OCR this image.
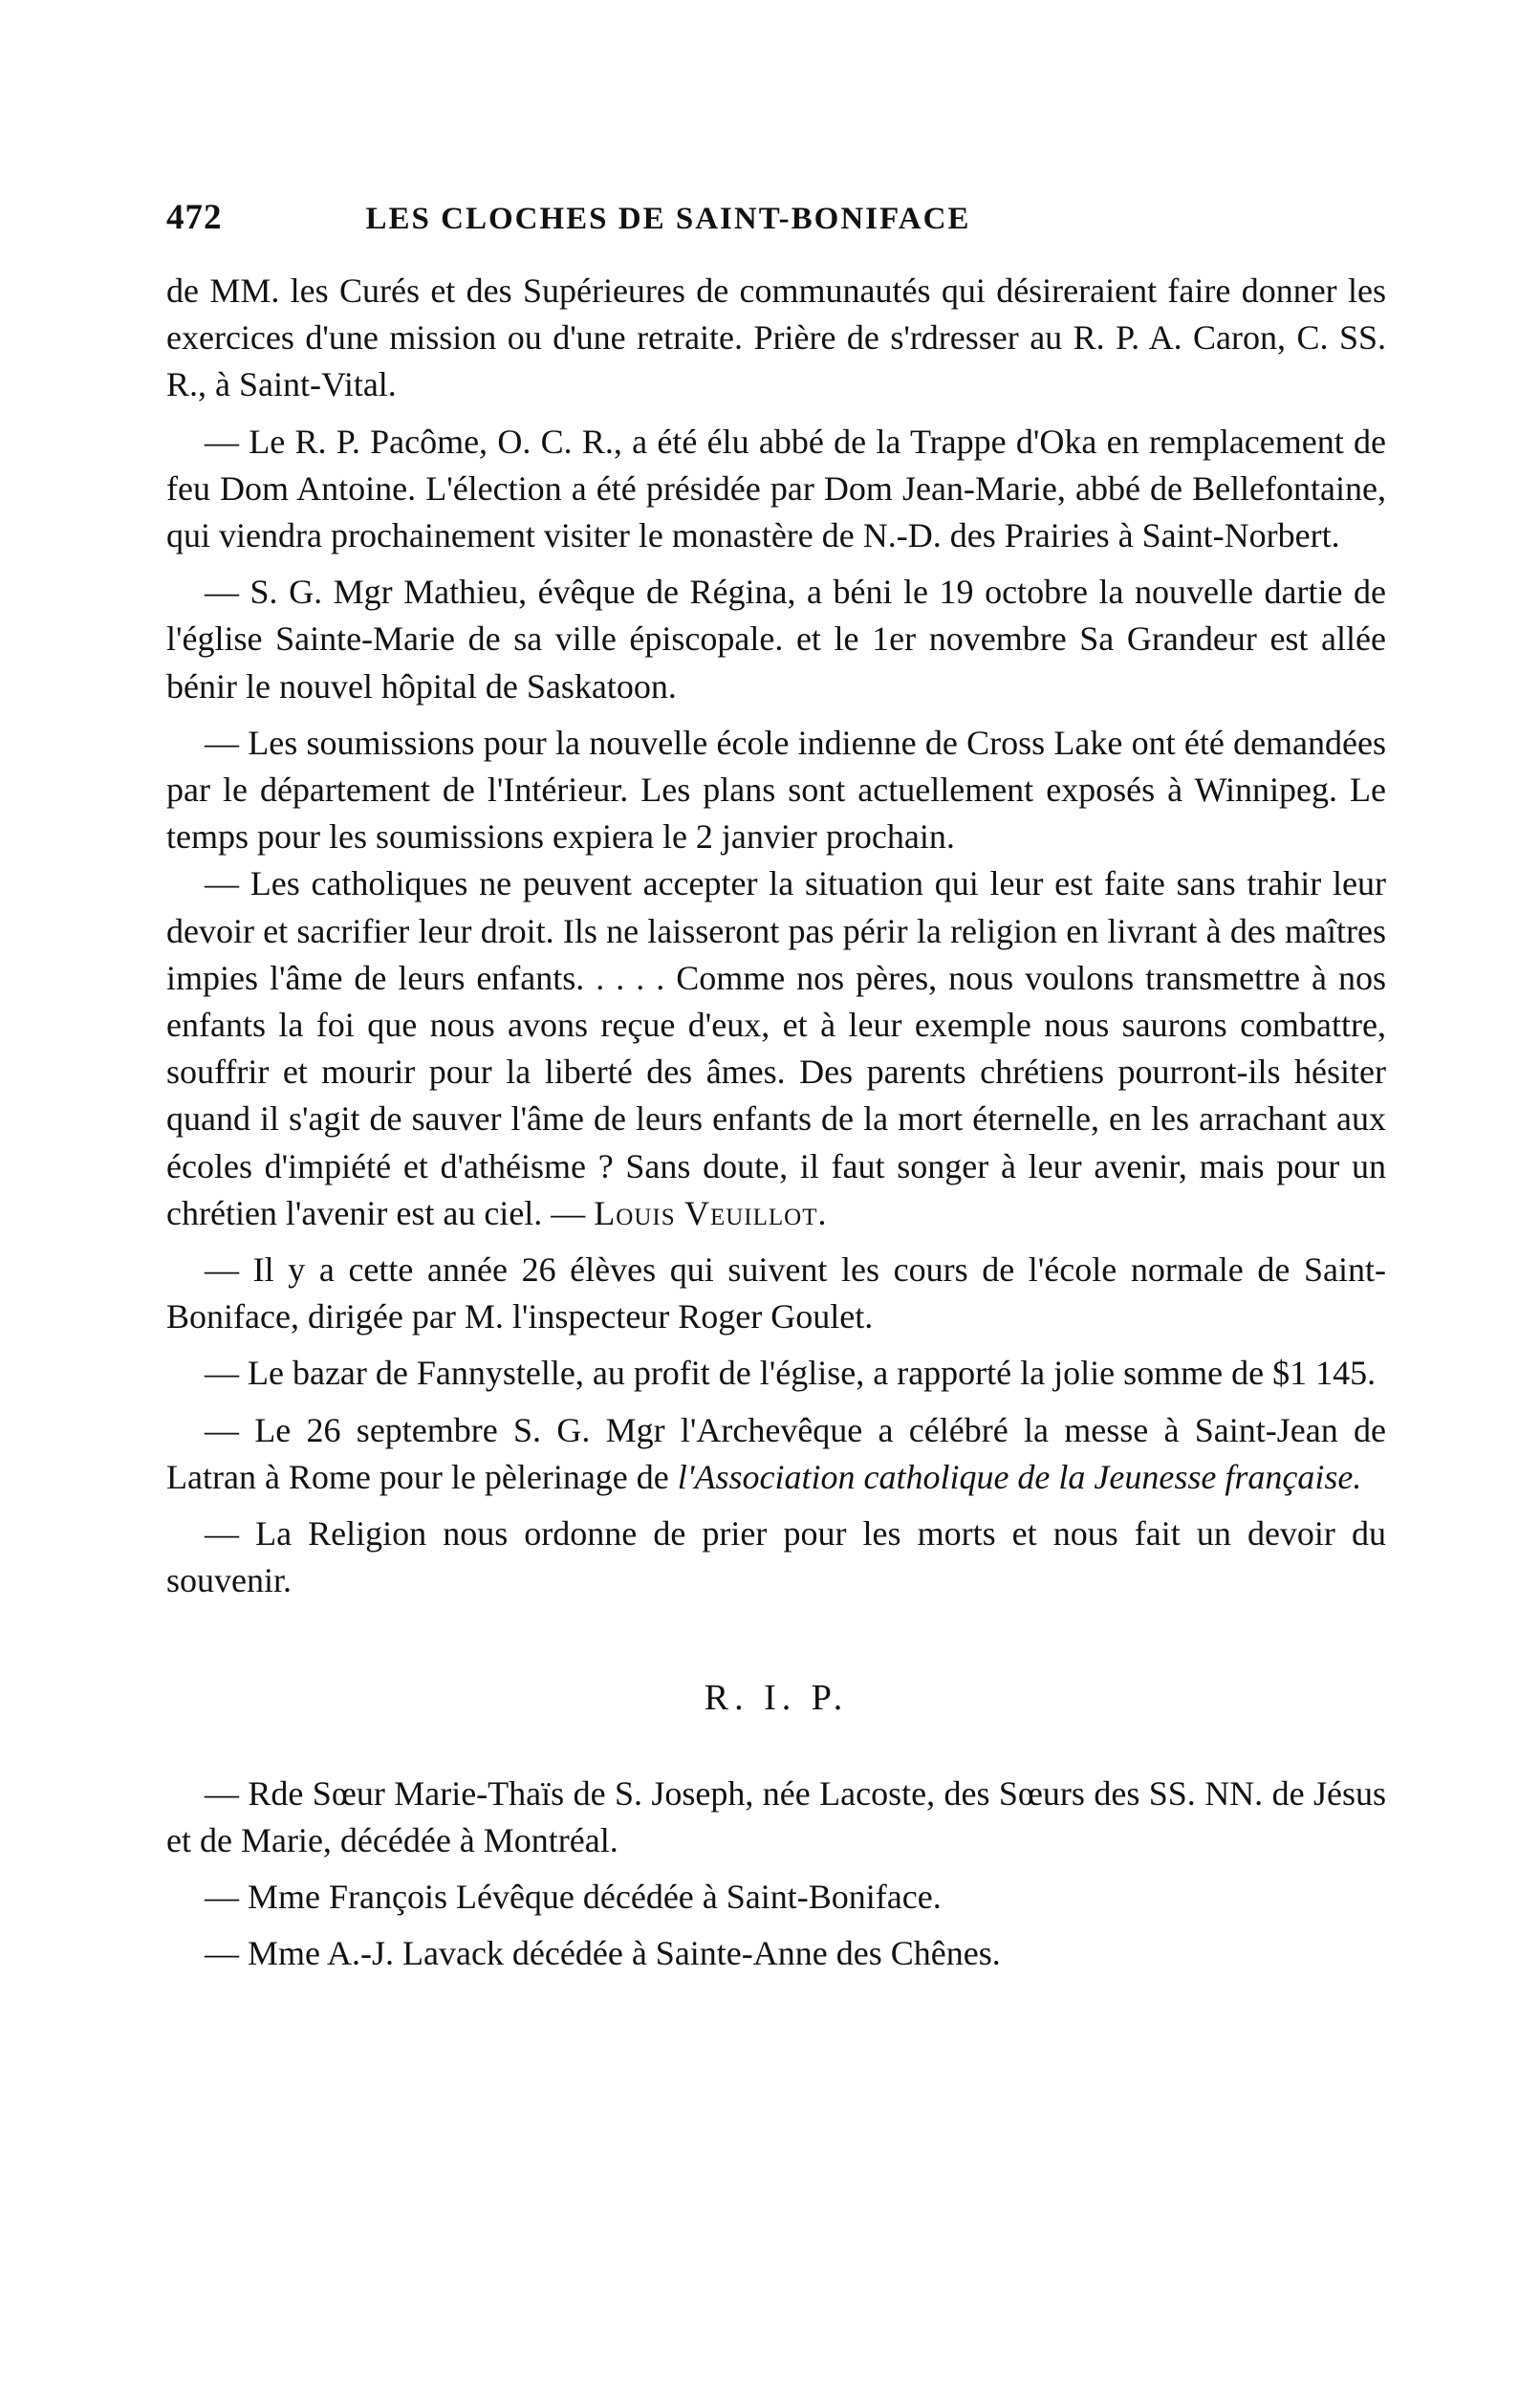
472	LES CLOCHES DE SAINT-BONIFACE

de MM. les Curés et des Supérieures de communautés qui désireraient faire donner les exercices d'une mission ou d'une retraite. Prière de s'rdresser au R. P. A. Caron, C. SS. R., à Saint-Vital.

— Le R. P. Pacôme, O. C. R., a été élu abbé de la Trappe d'Oka en remplacement de feu Dom Antoine. L'élection a été présidée par Dom Jean-Marie, abbé de Bellefontaine, qui viendra prochainement visiter le monastère de N.-D. des Prairies à Saint-Norbert.

— S. G. Mgr Mathieu, évêque de Régina, a béni le 19 octobre la nouvelle dartie de l'église Sainte-Marie de sa ville épiscopale. et le 1er novembre Sa Grandeur est allée bénir le nouvel hôpital de Saskatoon.

— Les soumissions pour la nouvelle école indienne de Cross Lake ont été demandées par le département de l'Intérieur. Les plans sont actuellement exposés à Winnipeg. Le temps pour les soumissions expiera le 2 janvier prochain.

— Les catholiques ne peuvent accepter la situation qui leur est faite sans trahir leur devoir et sacrifier leur droit. Ils ne laisseront pas périr la religion en livrant à des maîtres impies l'âme de leurs enfants. . . . . Comme nos pères, nous voulons transmettre à nos enfants la foi que nous avons reçue d'eux, et à leur exemple nous saurons combattre, souffrir et mourir pour la liberté des âmes. Des parents chrétiens pourront-ils hésiter quand il s'agit de sauver l'âme de leurs enfants de la mort éternelle, en les arrachant aux écoles d'impiété et d'athéisme ? Sans doute, il faut songer à leur avenir, mais pour un chrétien l'avenir est au ciel. — Louis Veuillot.

— Il y a cette année 26 élèves qui suivent les cours de l'école normale de Saint-Boniface, dirigée par M. l'inspecteur Roger Goulet.

— Le bazar de Fannystelle, au profit de l'église, a rapporté la jolie somme de $1 145.

— Le 26 septembre S. G. Mgr l'Archevêque a célébré la messe à Saint-Jean de Latran à Rome pour le pèlerinage de l'Association catholique de la Jeunesse française.

— La Religion nous ordonne de prier pour les morts et nous fait un devoir du souvenir.

R. I. P.

— Rde Sœur Marie-Thaïs de S. Joseph, née Lacoste, des Sœurs des SS. NN. de Jésus et de Marie, décédée à Montréal.

— Mme François Lévêque décédée à Saint-Boniface.

— Mme A.-J. Lavack décédée à Sainte-Anne des Chênes.
